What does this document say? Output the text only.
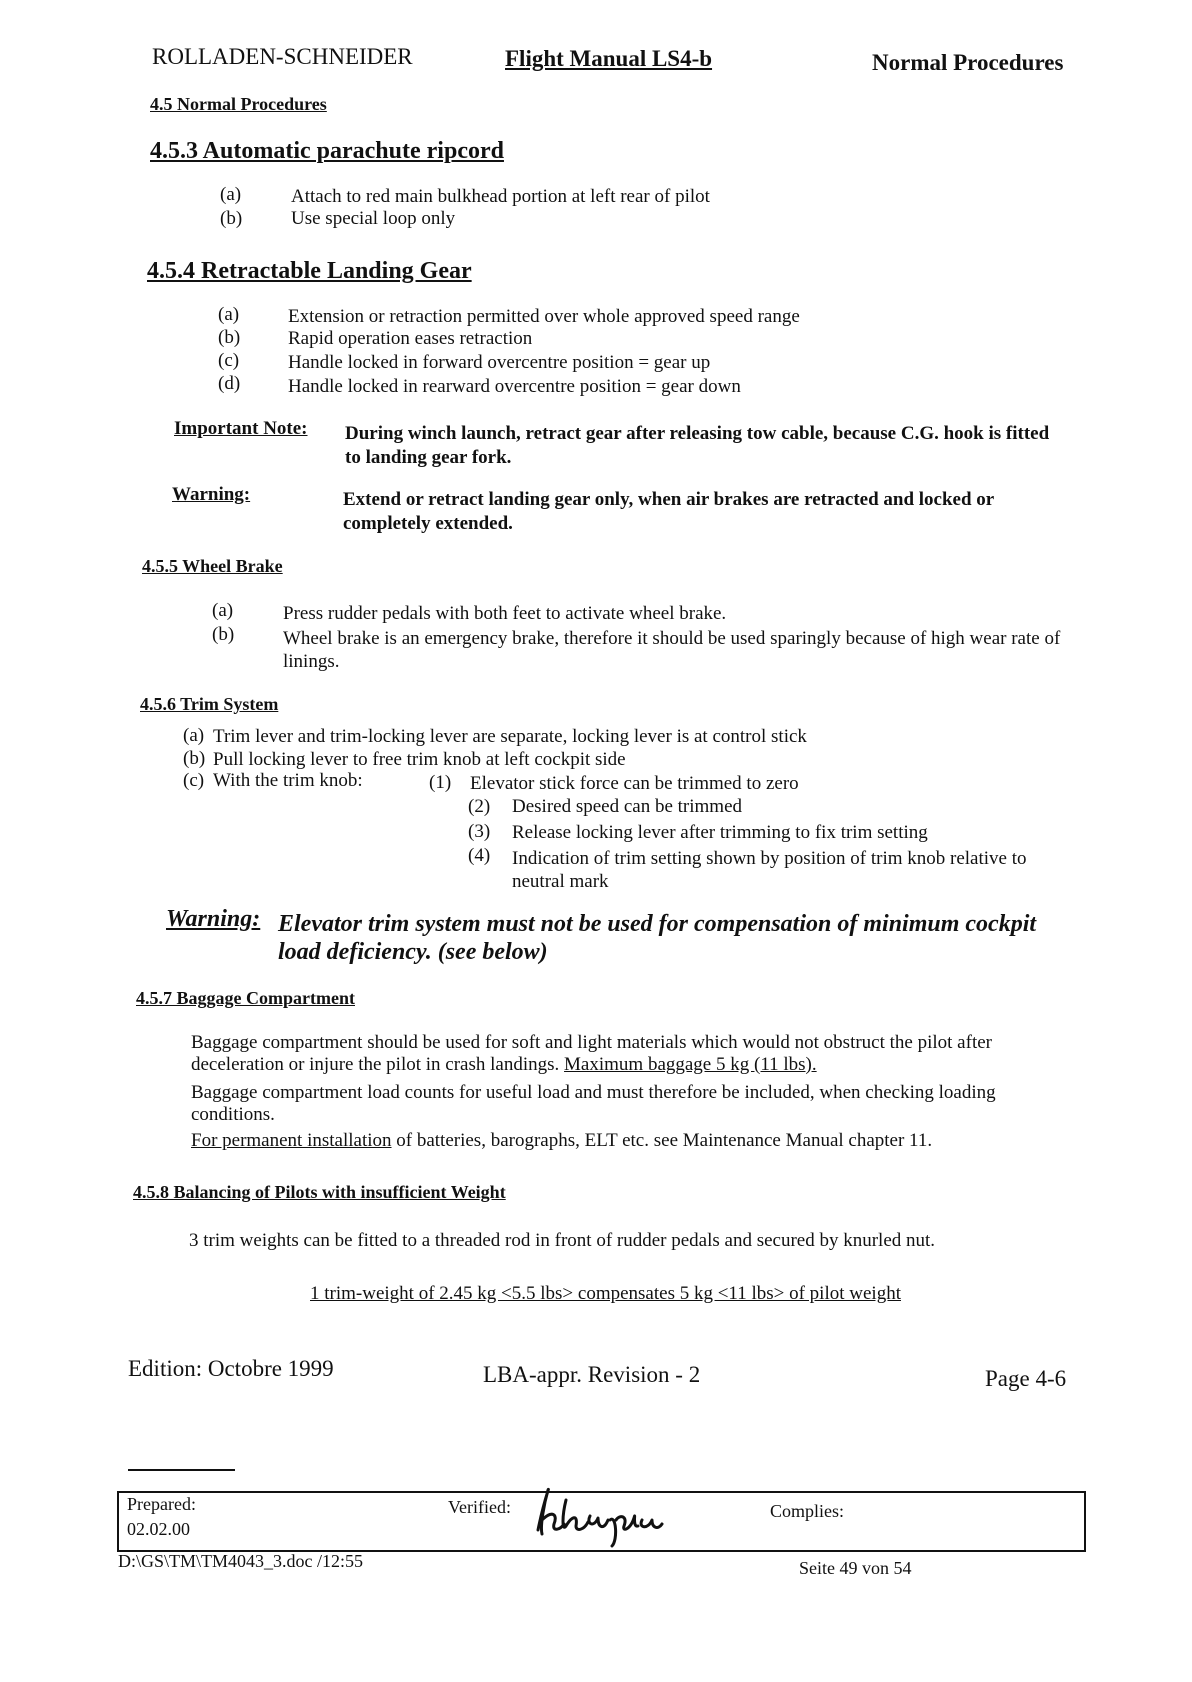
ROLLADEN-SCHNEIDER	Flight Manual LS4-b	Normal Procedures
4.5 Normal Procedures
4.5.3 Automatic parachute ripcord
(a)	Attach to red main bulkhead portion at left rear of pilot
(b)	Use special loop only
4.5.4 Retractable Landing Gear
(a)	Extension or retraction permitted over whole approved speed range
(b)	Rapid operation eases retraction
(c)	Handle locked in forward overcentre position = gear up
(d)	Handle locked in rearward overcentre position = gear down
Important Note: During winch launch, retract gear after releasing tow cable, because C.G. hook is fitted to landing gear fork.
Warning:	Extend or retract landing gear only, when air brakes are retracted and locked or completely extended.
4.5.5 Wheel Brake
(a)	Press rudder pedals with both feet to activate wheel brake.
(b)	Wheel brake is an emergency brake, therefore it should be used sparingly because of high wear rate of linings.
4.5.6 Trim System
(a) Trim lever and trim-locking lever are separate, locking lever is at control stick
(b) Pull locking lever to free trim knob at left cockpit side
(c) With the trim knob:	(1) Elevator stick force can be trimmed to zero
(2) Desired speed can be trimmed
(3) Release locking lever after trimming to fix trim setting
(4) Indication of trim setting shown by position of trim knob relative to neutral mark
Warning: Elevator trim system must not be used for compensation of minimum cockpit load deficiency. (see below)
4.5.7 Baggage Compartment
Baggage compartment should be used for soft and light materials which would not obstruct the pilot after deceleration or injure the pilot in crash landings. Maximum baggage 5 kg (11 lbs).
Baggage compartment load counts for useful load and must therefore be included, when checking loading conditions.
For permanent installation of batteries, barographs, ELT etc. see Maintenance Manual chapter 11.
4.5.8 Balancing of Pilots with insufficient Weight
3 trim weights can be fitted to a threaded rod in front of rudder pedals and secured by knurled nut.
1 trim-weight of 2.45 kg <5.5 lbs> compensates 5 kg <11 lbs> of pilot weight
Edition: Octobre 1999	LBA-appr. Revision - 2	Page 4-6
Prepared:
02.02.00
Verified:	Complies:
D:\GS\TM\TM4043_3.doc /12:55	Seite 49 von 54
